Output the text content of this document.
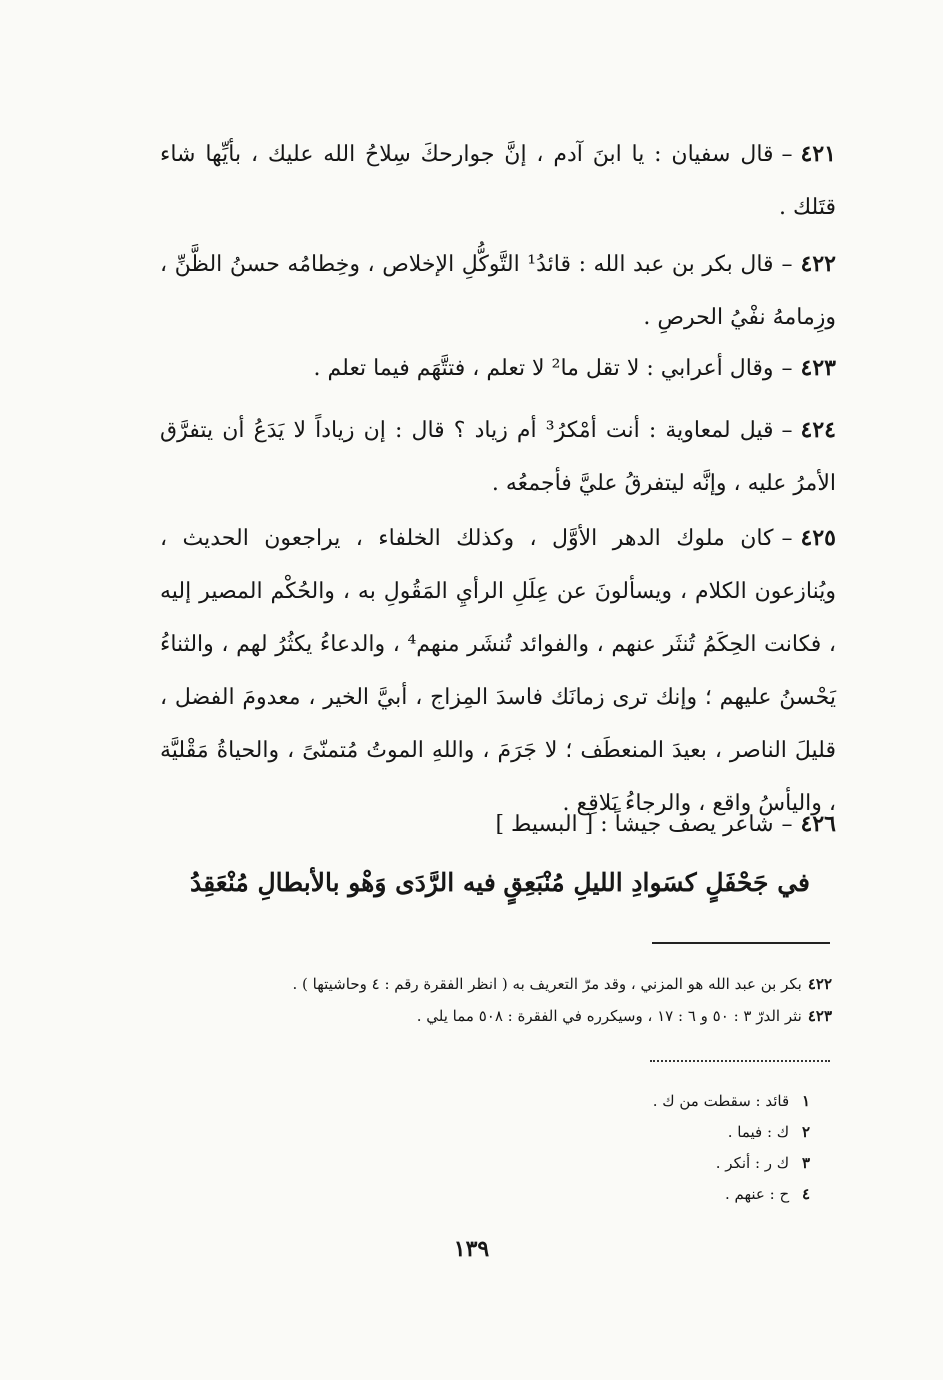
٤٢١–قال سفيان : يا ابنَ آدم ، إنَّ جوارحكَ سِلاحُ الله عليك ، بأيِّها شاء قتَلك .
٤٢٢–قال بكر بن عبد الله : قائدُ¹ التَّوكُّلِ الإخلاص ، وخِطامُه حسنُ الظَّنِّ ، وزِمامهُ نفْيُ الحرصِ .
٤٢٣–وقال أعرابي : لا تقل ما² لا تعلم ، فتتَّهَم فيما تعلم .
٤٢٤–قيل لمعاوية : أنت أمْكرُ³ أم زياد ؟ قال : إن زياداً لا يَدَعُ أن يتفرَّق الأمرُ عليه ، وإنَّه ليتفرقُ عليَّ فأجمعُه .
٤٢٥–كان ملوك الدهر الأوَّل ، وكذلك الخلفاء ، يراجعون الحديث ، ويُنازعون الكلام ، ويسألونَ عن عِلَلِ الرأيِ المَقُولِ به ، والحُكْم المصير إليه ، فكانت الحِكَمُ تُنثَر عنهم ، والفوائد تُنشَر منهم⁴ ، والدعاءُ يكثُرُ لهم ، والثناءُ يَحْسنُ عليهم ؛ وإنك ترى زمانَك فاسدَ المِزاج ، أبيَّ الخير ، معدومَ الفضل ، قليلَ الناصر ، بعيدَ المنعطَف ؛ لا جَرَمَ ، واللهِ الموتُ مُتمنّىً ، والحياةُ مَقْليَّة ، واليأسُ واقع ، والرجاءُ بَلاقِع .
٤٢٦–شاعر يصف جيشاً : [ البسيط ]
في جَحْفَلٍ كسَوادِ الليلِ مُنْبَعِقٍ
فيه الرَّدَى وَهْو بالأبطالِ مُنْعَقِدُ
٤٢٢بكر بن عبد الله هو المزني ، وقد مرّ التعريف به ( انظر الفقرة رقم : ٤ وحاشيتها ) .
٤٢٣نثر الدرّ ٣ : ٥٠ و ٦ : ١٧ ، وسيكرره في الفقرة : ٥٠٨ مما يلي .
١ قائد : سقطت من ك .
٢ ك : فيما .
٣ ك ر : أنكر .
٤ ح : عنهم .
١٣٩
